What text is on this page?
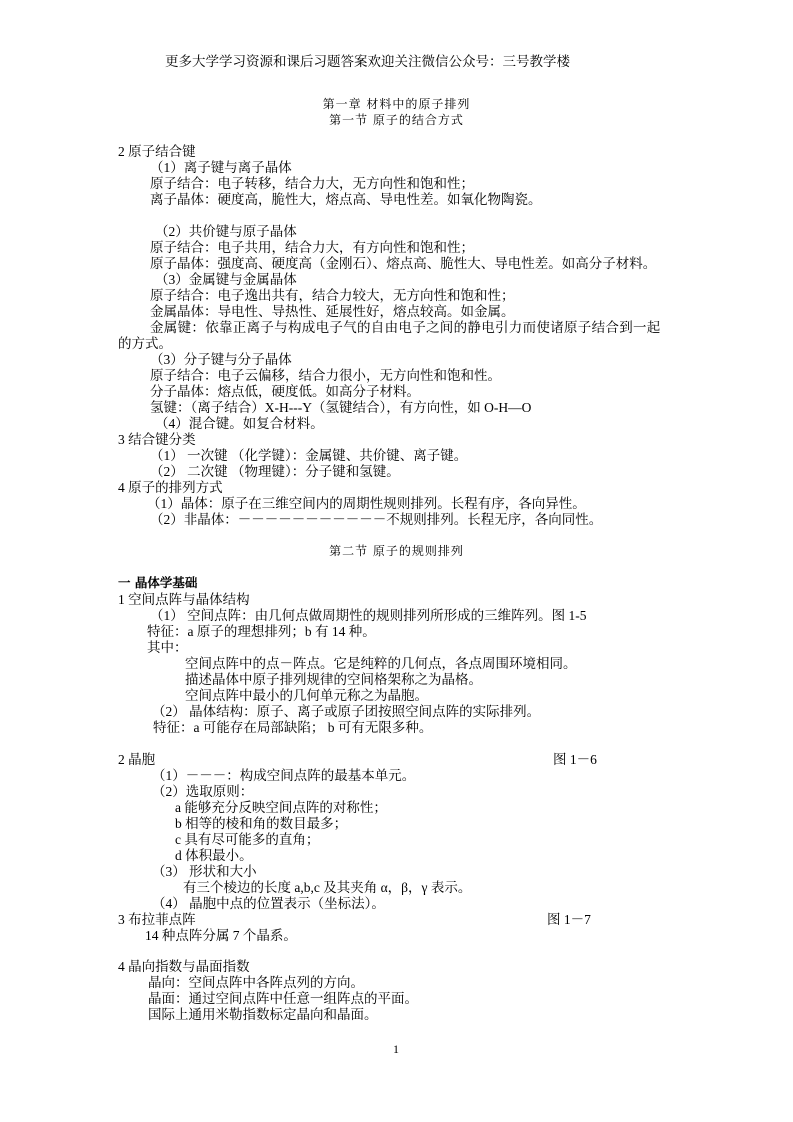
更多大学学习资源和课后习题答案欢迎关注微信公众号：三号教学楼
第一章 材料中的原子排列
第一节 原子的结合方式
2 原子结合键
（1）离子键与离子晶体
原子结合：电子转移，结合力大，无方向性和饱和性；
离子晶体：硬度高，脆性大，熔点高、导电性差。如氧化物陶瓷。
（2）共价键与原子晶体
原子结合：电子共用，结合力大，有方向性和饱和性；
原子晶体：强度高、硬度高（金刚石）、熔点高、脆性大、导电性差。如高分子材料。
（3）金属键与金属晶体
原子结合：电子逸出共有，结合力较大，无方向性和饱和性；
金属晶体：导电性、导热性、延展性好，熔点较高。如金属。
金属键：依靠正离子与构成电子气的自由电子之间的静电引力而使诸原子结合到一起
的方式。
（3）分子键与分子晶体
原子结合：电子云偏移，结合力很小，无方向性和饱和性。
分子晶体：熔点低，硬度低。如高分子材料。
氢键：（离子结合）X-H---Y（氢键结合），有方向性，如 O-H—O
（4）混合键。如复合材料。
3 结合键分类
（1） 一次键 （化学键）：金属键、共价键、离子键。
（2） 二次键 （物理键）：分子键和氢键。
4 原子的排列方式
（1）晶体：原子在三维空间内的周期性规则排列。长程有序，各向异性。
（2）非晶体：－－－－－－－－－－－不规则排列。长程无序，各向同性。
第二节 原子的规则排列
一 晶体学基础
1 空间点阵与晶体结构
（1） 空间点阵：由几何点做周期性的规则排列所形成的三维阵列。图 1-5
特征：a 原子的理想排列；b 有 14 种。
其中：
空间点阵中的点－阵点。它是纯粹的几何点，各点周围环境相同。
描述晶体中原子排列规律的空间格架称之为晶格。
空间点阵中最小的几何单元称之为晶胞。
（2） 晶体结构：原子、离子或原子团按照空间点阵的实际排列。
特征：a 可能存在局部缺陷； b 可有无限多种。
2 晶胞	图 1－6
（1）－－－：构成空间点阵的最基本单元。
（2）选取原则：
a 能够充分反映空间点阵的对称性；
b 相等的棱和角的数目最多；
c 具有尽可能多的直角；
d 体积最小。
（3） 形状和大小
有三个棱边的长度 a,b,c 及其夹角 α，β，γ 表示。
（4） 晶胞中点的位置表示（坐标法）。
3 布拉菲点阵	图 1－7
14 种点阵分属 7 个晶系。
4 晶向指数与晶面指数
晶向：空间点阵中各阵点列的方向。
晶面：通过空间点阵中任意一组阵点的平面。
国际上通用米勒指数标定晶向和晶面。
1
